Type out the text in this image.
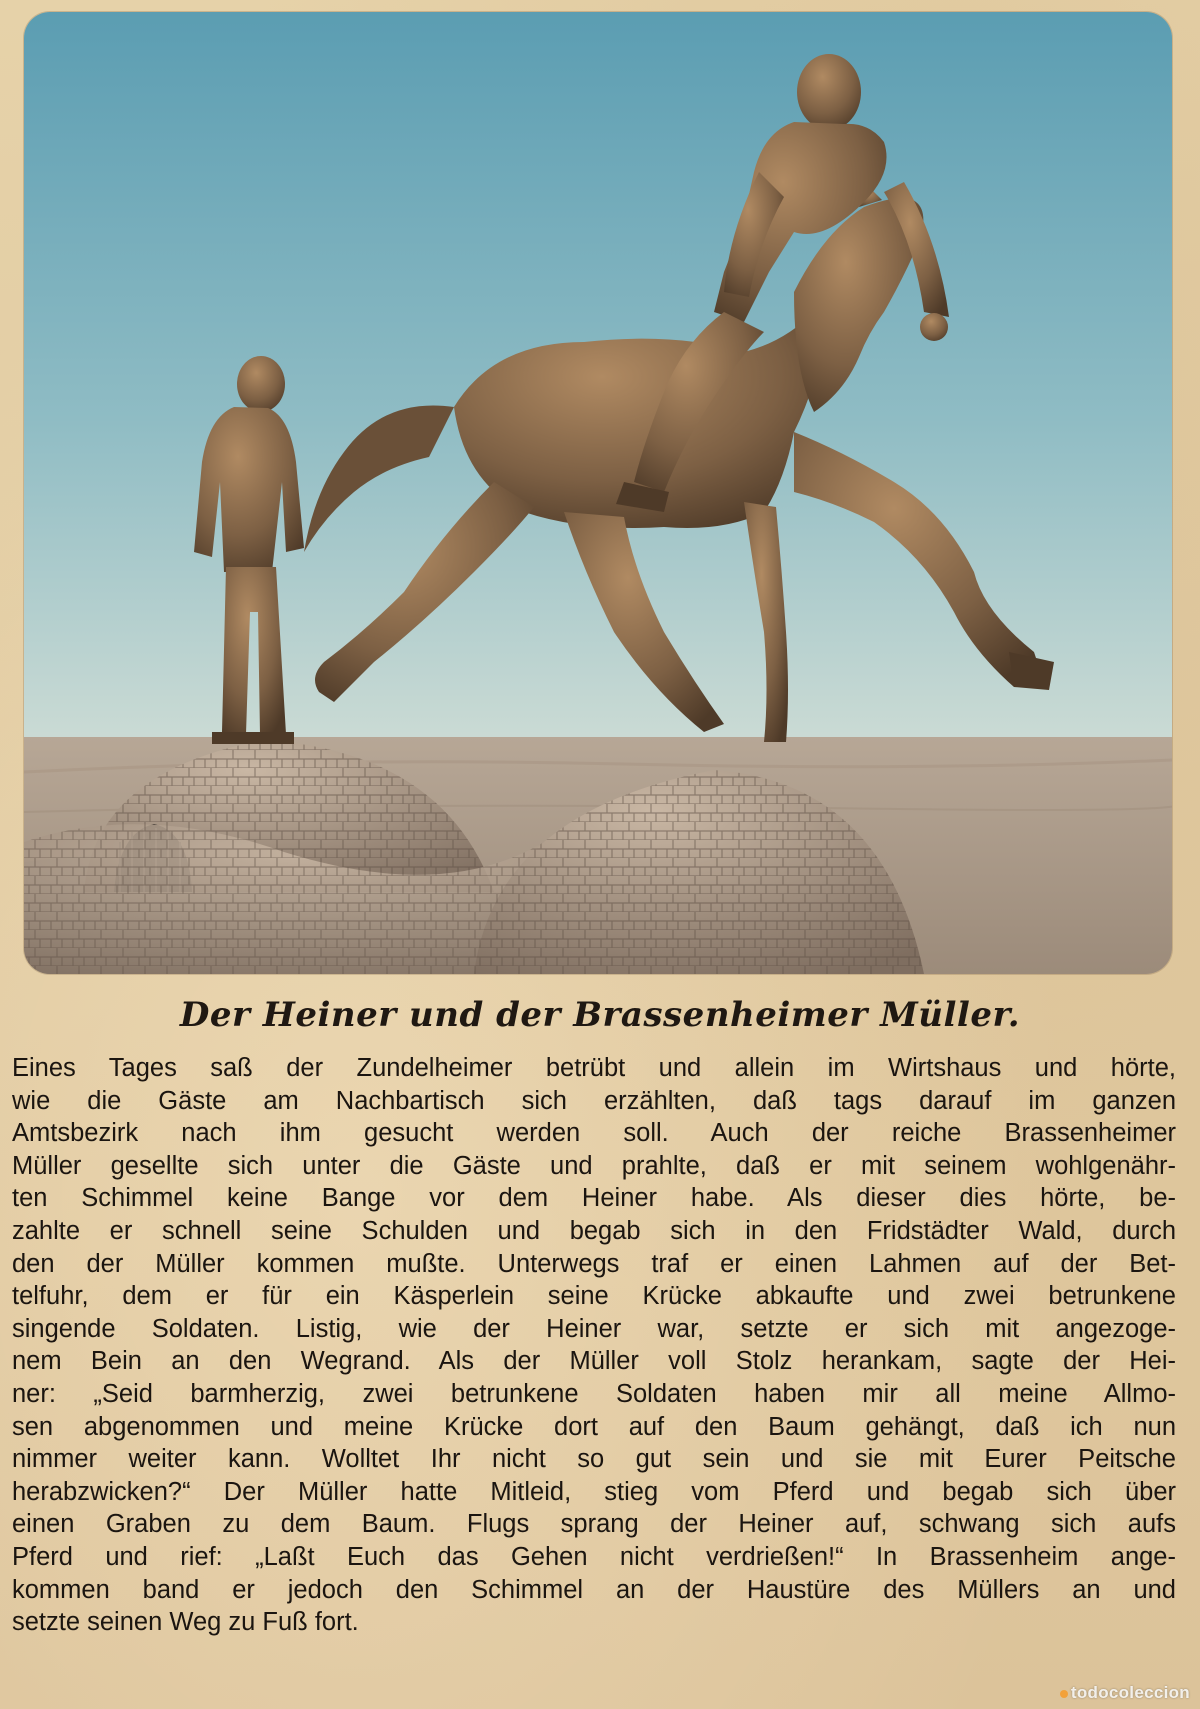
Der Heiner und der Brassenheimer Müller.
Eines Tages saß der Zundelheimer betrübt und allein im Wirtshaus und hörte,
wie die Gäste am Nachbartisch sich erzählten, daß tags darauf im ganzen
Amtsbezirk nach ihm gesucht werden soll. Auch der reiche Brassenheimer
Müller gesellte sich unter die Gäste und prahlte, daß er mit seinem wohlgenähr-
ten Schimmel keine Bange vor dem Heiner habe. Als dieser dies hörte, be-
zahlte er schnell seine Schulden und begab sich in den Fridstädter Wald, durch
den der Müller kommen mußte. Unterwegs traf er einen Lahmen auf der Bet-
telfuhr, dem er für ein Käsperlein seine Krücke abkaufte und zwei betrunkene
singende Soldaten. Listig, wie der Heiner war, setzte er sich mit angezoge-
nem Bein an den Wegrand. Als der Müller voll Stolz herankam, sagte der Hei-
ner: „Seid barmherzig, zwei betrunkene Soldaten haben mir all meine Allmo-
sen abgenommen und meine Krücke dort auf den Baum gehängt, daß ich nun
nimmer weiter kann. Wolltet Ihr nicht so gut sein und sie mit Eurer Peitsche
herabzwicken?“ Der Müller hatte Mitleid, stieg vom Pferd und begab sich über
einen Graben zu dem Baum. Flugs sprang der Heiner auf, schwang sich aufs
Pferd und rief: „Laßt Euch das Gehen nicht verdrießen!“ In Brassenheim ange-
kommen band er jedoch den Schimmel an der Haustüre des Müllers an und
setzte seinen Weg zu Fuß fort.
todocoleccion
